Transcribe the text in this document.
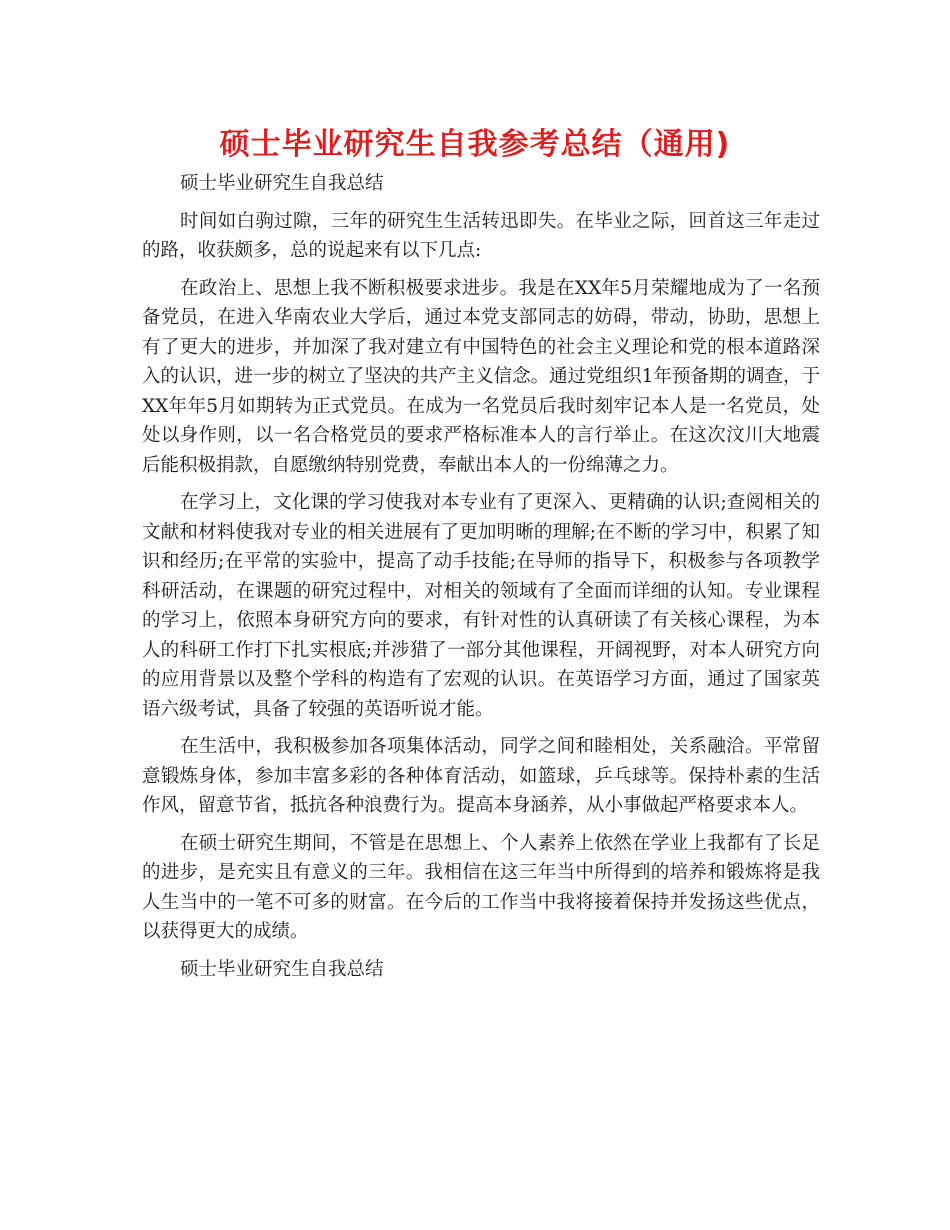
硕士毕业研究生自我参考总结（通用)

硕士毕业研究生自我总结

时间如白驹过隙，三年的研究生生活转迅即失。在毕业之际，回首这三年走过的路，收获颇多，总的说起来有以下几点:

在政治上、思想上我不断积极要求进步。我是在XX年5月荣耀地成为了一名预备党员，在进入华南农业大学后，通过本党支部同志的妨碍，带动，协助，思想上有了更大的进步，并加深了我对建立有中国特色的社会主义理论和党的根本道路深入的认识，进一步的树立了坚决的共产主义信念。通过党组织1年预备期的调查，于XX年年5月如期转为正式党员。在成为一名党员后我时刻牢记本人是一名党员，处处以身作则，以一名合格党员的要求严格标准本人的言行举止。在这次汶川大地震后能积极捐款，自愿缴纳特别党费，奉献出本人的一份绵薄之力。

在学习上，文化课的学习使我对本专业有了更深入、更精确的认识;查阅相关的文献和材料使我对专业的相关进展有了更加明晰的理解;在不断的学习中，积累了知识和经历;在平常的实验中，提高了动手技能;在导师的指导下，积极参与各项教学科研活动，在课题的研究过程中，对相关的领域有了全面而详细的认知。专业课程的学习上，依照本身研究方向的要求，有针对性的认真研读了有关核心课程，为本人的科研工作打下扎实根底;并涉猎了一部分其他课程，开阔视野，对本人研究方向的应用背景以及整个学科的构造有了宏观的认识。在英语学习方面，通过了国家英语六级考试，具备了较强的英语听说才能。

在生活中，我积极参加各项集体活动，同学之间和睦相处，关系融洽。平常留意锻炼身体，参加丰富多彩的各种体育活动，如篮球，乒乓球等。保持朴素的生活作风，留意节省，抵抗各种浪费行为。提高本身涵养，从小事做起严格要求本人。

在硕士研究生期间，不管是在思想上、个人素养上依然在学业上我都有了长足的进步，是充实且有意义的三年。我相信在这三年当中所得到的培养和锻炼将是我人生当中的一笔不可多的财富。在今后的工作当中我将接着保持并发扬这些优点，以获得更大的成绩。

硕士毕业研究生自我总结
